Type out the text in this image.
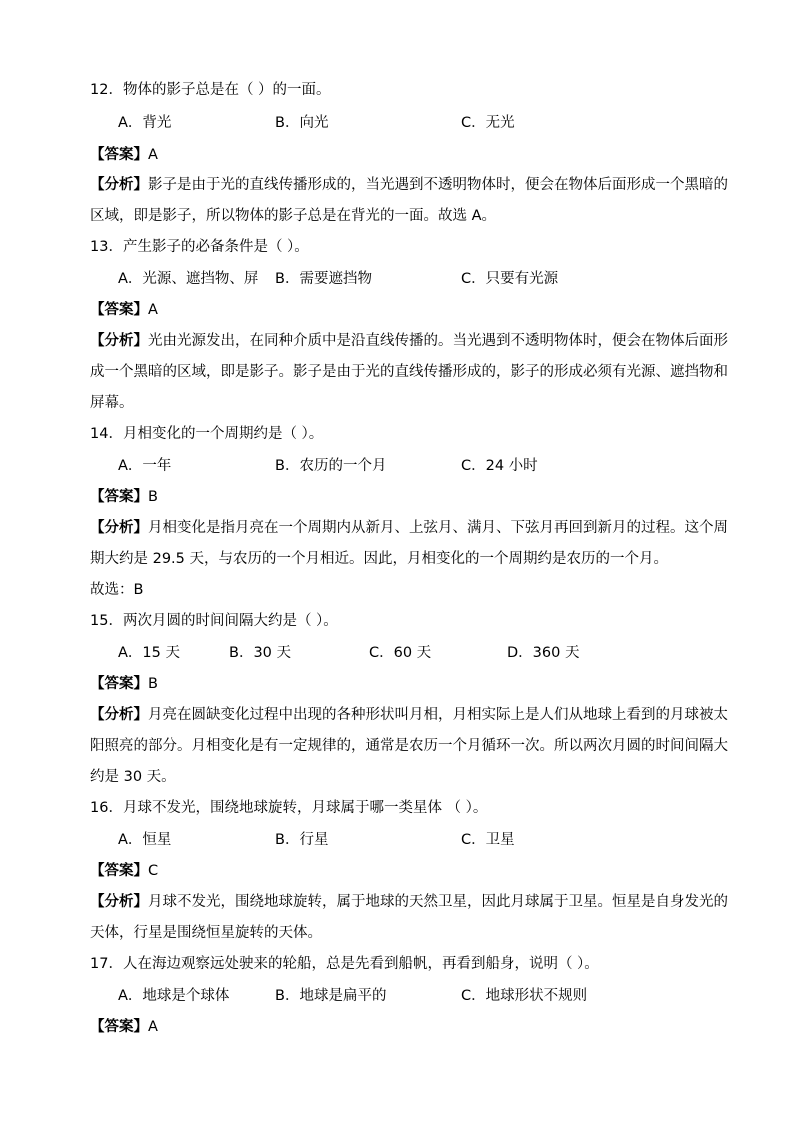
12．物体的影子总是在（ ）的一面。
A．背光	B．向光	C．无光
【答案】A
【分析】影子是由于光的直线传播形成的，当光遇到不透明物体时，便会在物体后面形成一个黑暗的
区域，即是影子，所以物体的影子总是在背光的一面。故选 A。
13．产生影子的必备条件是（ ）。
A．光源、遮挡物、屏 B．需要遮挡物	C．只要有光源
【答案】A
【分析】光由光源发出，在同种介质中是沿直线传播的。当光遇到不透明物体时，便会在物体后面形
成一个黑暗的区域，即是影子。影子是由于光的直线传播形成的，影子的形成必须有光源、遮挡物和
屏幕。
14．月相变化的一个周期约是（ ）。
A．一年	B．农历的一个月	C．24 小时
【答案】B
【分析】月相变化是指月亮在一个周期内从新月、上弦月、满月、下弦月再回到新月的过程。这个周
期大约是 29.5 天，与农历的一个月相近。因此，月相变化的一个周期约是农历的一个月。
故选：B
15．两次月圆的时间间隔大约是（ ）。
A．15 天	B．30 天	C．60 天	D．360 天
【答案】B
【分析】月亮在圆缺变化过程中出现的各种形状叫月相，月相实际上是人们从地球上看到的月球被太
阳照亮的部分。月相变化是有一定规律的，通常是农历一个月循环一次。所以两次月圆的时间间隔大
约是 30 天。
16．月球不发光，围绕地球旋转，月球属于哪一类星体 （ ）。
A．恒星	B．行星	C．卫星
【答案】C
【分析】月球不发光，围绕地球旋转，属于地球的天然卫星，因此月球属于卫星。恒星是自身发光的
天体，行星是围绕恒星旋转的天体。
17．人在海边观察远处驶来的轮船，总是先看到船帆，再看到船身，说明（ ）。
A．地球是个球体	B．地球是扁平的	C．地球形状不规则
【答案】A
